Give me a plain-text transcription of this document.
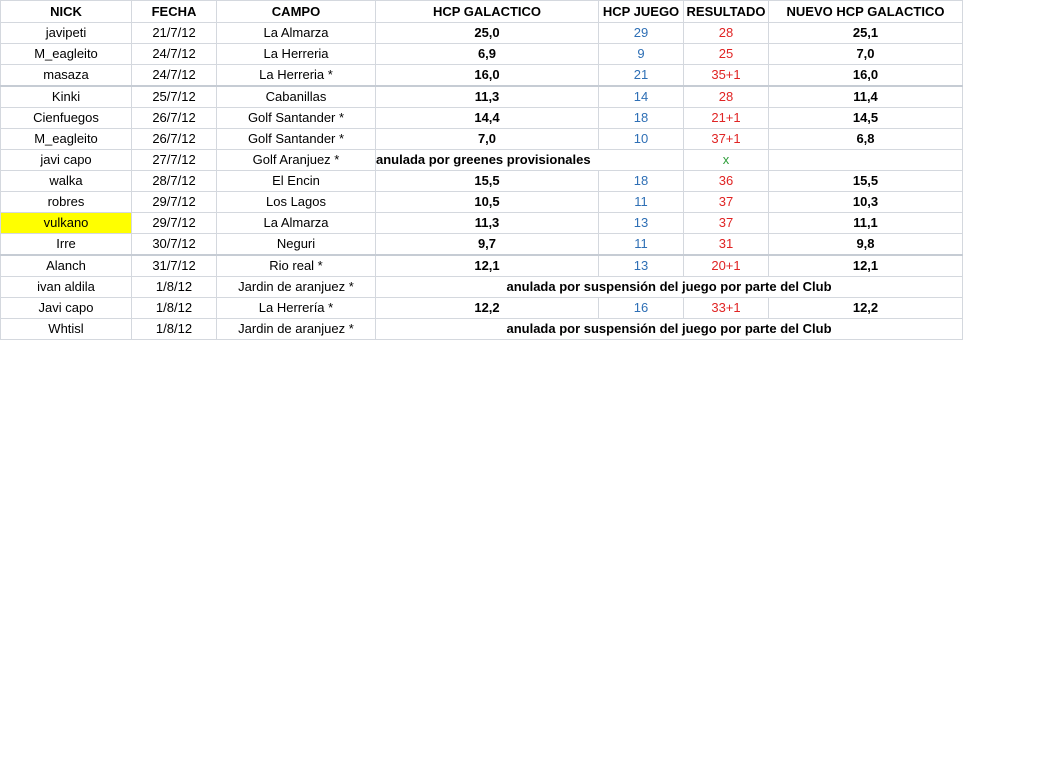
NICK	FECHA	CAMPO	HCP GALACTICO	HCP JUEGO	RESULTADO	NUEVO HCP GALACTICO
javipeti	21/7/12	La Almarza	25,0	29	28	25,1
M_eagleito	24/7/12	La Herreria	6,9	9	25	7,0
masaza	24/7/12	La Herreria *	16,0	21	35+1	16,0
Kinki	25/7/12	Cabanillas	11,3	14	28	11,4
Cienfuegos	26/7/12	Golf Santander *	14,4	18	21+1	14,5
M_eagleito	26/7/12	Golf Santander *	7,0	10	37+1	6,8
javi capo	27/7/12	Golf Aranjuez *	anulada por greenes provisionales		x	
walka	28/7/12	El Encin	15,5	18	36	15,5
robres	29/7/12	Los Lagos	10,5	11	37	10,3
vulkano	29/7/12	La Almarza	11,3	13	37	11,1
Irre	30/7/12	Neguri	9,7	11	31	9,8
Alanch	31/7/12	Rio real *	12,1	13	20+1	12,1
ivan aldila	1/8/12	Jardin de aranjuez *	anulada por suspensión del juego por parte del Club			
Javi capo	1/8/12	La Herrería *	12,2	16	33+1	12,2
Whtisl	1/8/12	Jardin de aranjuez *	anulada por suspensión del juego por parte del Club			
